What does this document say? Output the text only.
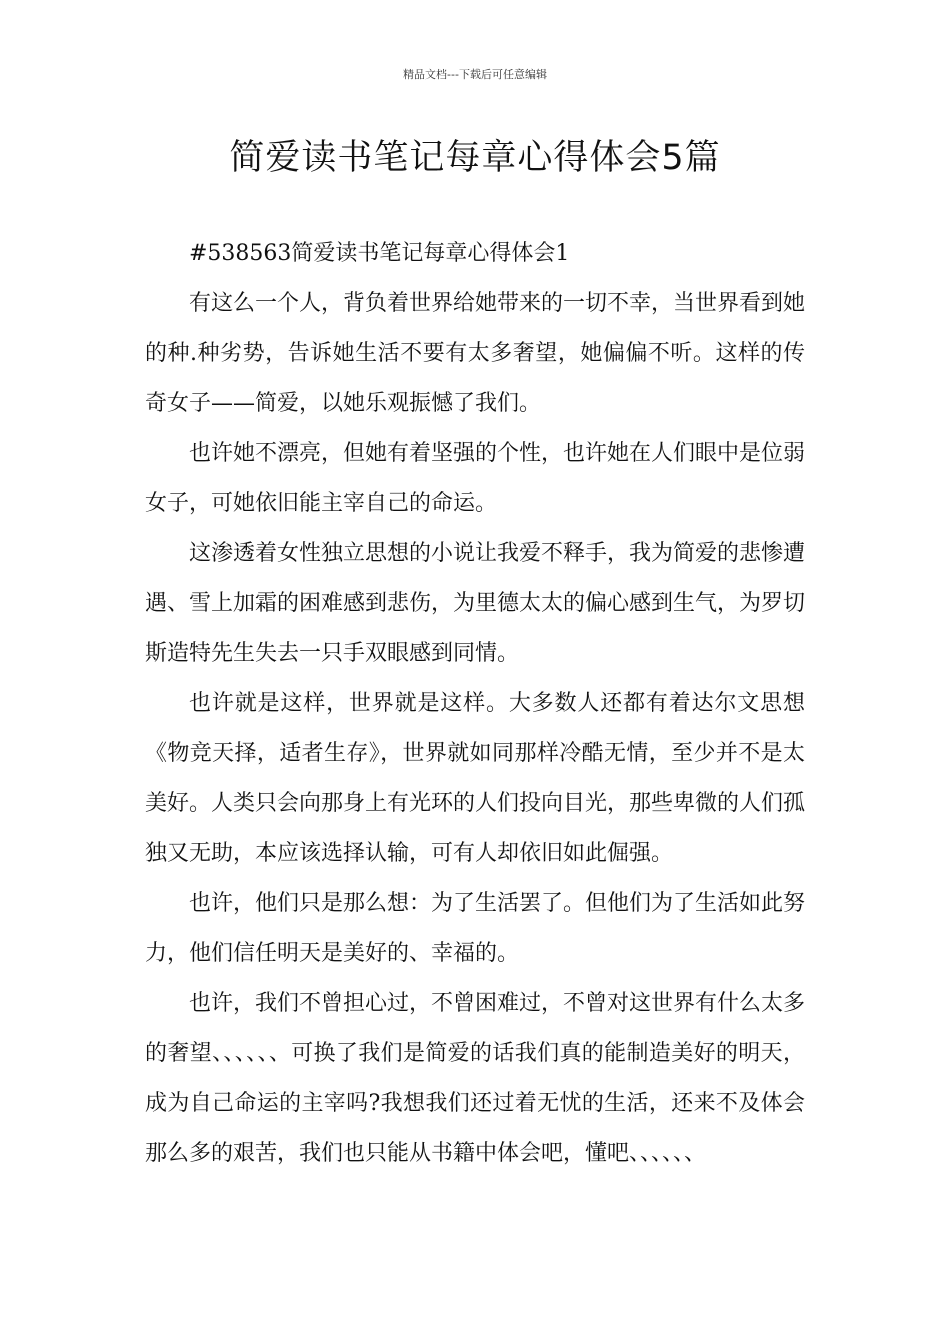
精品文档---下载后可任意编辑
简爱读书笔记每章心得体会5篇

#538563简爱读书笔记每章心得体会1

有这么一个人，背负着世界给她带来的一切不幸，当世界看到她的种.种劣势，告诉她生活不要有太多奢望，她偏偏不听。这样的传奇女子——简爱，以她乐观振憾了我们。

也许她不漂亮，但她有着坚强的个性，也许她在人们眼中是位弱女子，可她依旧能主宰自己的命运。

这渗透着女性独立思想的小说让我爱不释手，我为简爱的悲惨遭遇、雪上加霜的困难感到悲伤，为里德太太的偏心感到生气，为罗切斯造特先生失去一只手双眼感到同情。

也许就是这样，世界就是这样。大多数人还都有着达尔文思想《物竞天择，适者生存》，世界就如同那样冷酷无情，至少并不是太美好。人类只会向那身上有光环的人们投向目光，那些卑微的人们孤独又无助，本应该选择认输，可有人却依旧如此倔强。

也许，他们只是那么想：为了生活罢了。但他们为了生活如此努力，他们信任明天是美好的、幸福的。

也许，我们不曾担心过，不曾困难过，不曾对这世界有什么太多的奢望、、、、、、可换了我们是简爱的话我们真的能制造美好的明天，成为自己命运的主宰吗?我想我们还过着无忧的生活，还来不及体会那么多的艰苦，我们也只能从书籍中体会吧，懂吧、、、、、、
